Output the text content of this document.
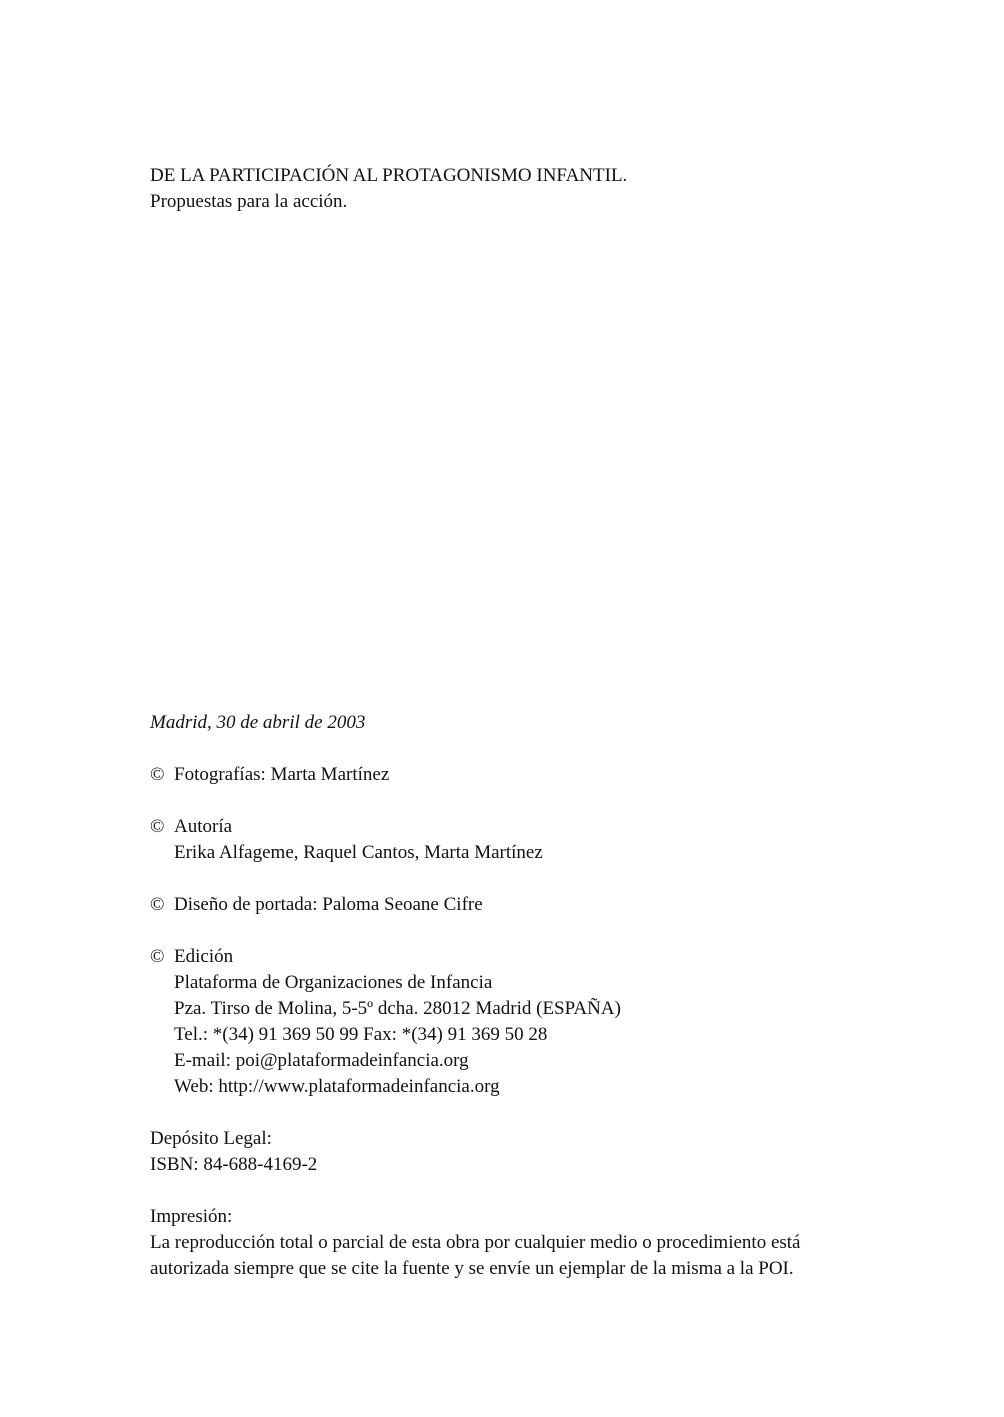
DE LA PARTICIPACIÓN AL PROTAGONISMO INFANTIL.
Propuestas para la acción.
Madrid, 30 de abril de 2003
© Fotografías: Marta Martínez
© Autoría
Erika Alfageme, Raquel Cantos, Marta Martínez
© Diseño de portada: Paloma Seoane Cifre
© Edición
Plataforma de Organizaciones de Infancia
Pza. Tirso de Molina, 5-5º dcha. 28012 Madrid (ESPAÑA)
Tel.: *(34) 91 369 50 99 Fax: *(34) 91 369 50 28
E-mail: poi@plataformadeinfancia.org
Web: http://www.plataformadeinfancia.org
Depósito Legal:
ISBN: 84-688-4169-2
Impresión:
La reproducción total o parcial de esta obra por cualquier medio o procedimiento está
autorizada siempre que se cite la fuente y se envíe un ejemplar de la misma a la POI.
